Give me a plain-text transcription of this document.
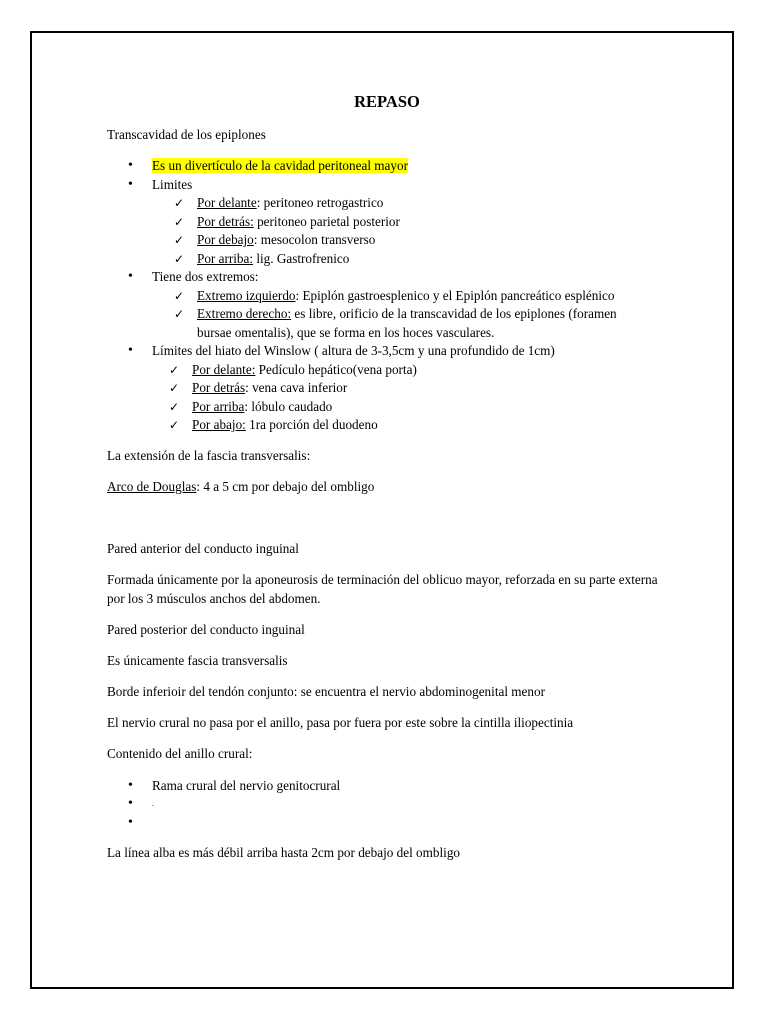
REPASO

Transcavidad de los epiplones

• Es un divertículo de la cavidad peritoneal mayor
• Limites
✓ Por delante: peritoneo retrogastrico
✓ Por detrás: peritoneo parietal posterior
✓ Por debajo: mesocolon transverso
✓ Por arriba: lig. Gastrofrenico
• Tiene dos extremos:
✓ Extremo izquierdo: Epiplón gastroesplenico y el Epiplón pancreático esplénico
✓ Extremo derecho: es libre, orificio de la transcavidad de los epiplones (foramen bursae omentalis), que se forma en los hoces vasculares.
• Límites del hiato del Winslow ( altura de 3-3,5cm y una profundido de 1cm)
✓ Por delante: Pedículo hepático(vena porta)
✓ Por detrás: vena cava inferior
✓ Por arriba: lóbulo caudado
✓ Por abajo: 1ra porción del duodeno

La extensión de la fascia transversalis:

Arco de Douglas: 4 a 5 cm por debajo del ombligo

Pared anterior del conducto inguinal

Formada únicamente por la aponeurosis de terminación del oblicuo mayor, reforzada en su parte externa por los 3 músculos anchos del abdomen.

Pared posterior del conducto inguinal

Es únicamente fascia transversalis

Borde inferioir del tendón conjunto: se encuentra el nervio abdominogenital menor

El nervio crural no pasa por el anillo, pasa por fuera por este sobre la cintilla iliopectinia

Contenido del anillo crural:

• Rama crural del nervio genitocrural
• .
•

La línea alba es más débil arriba hasta 2cm por debajo del ombligo
